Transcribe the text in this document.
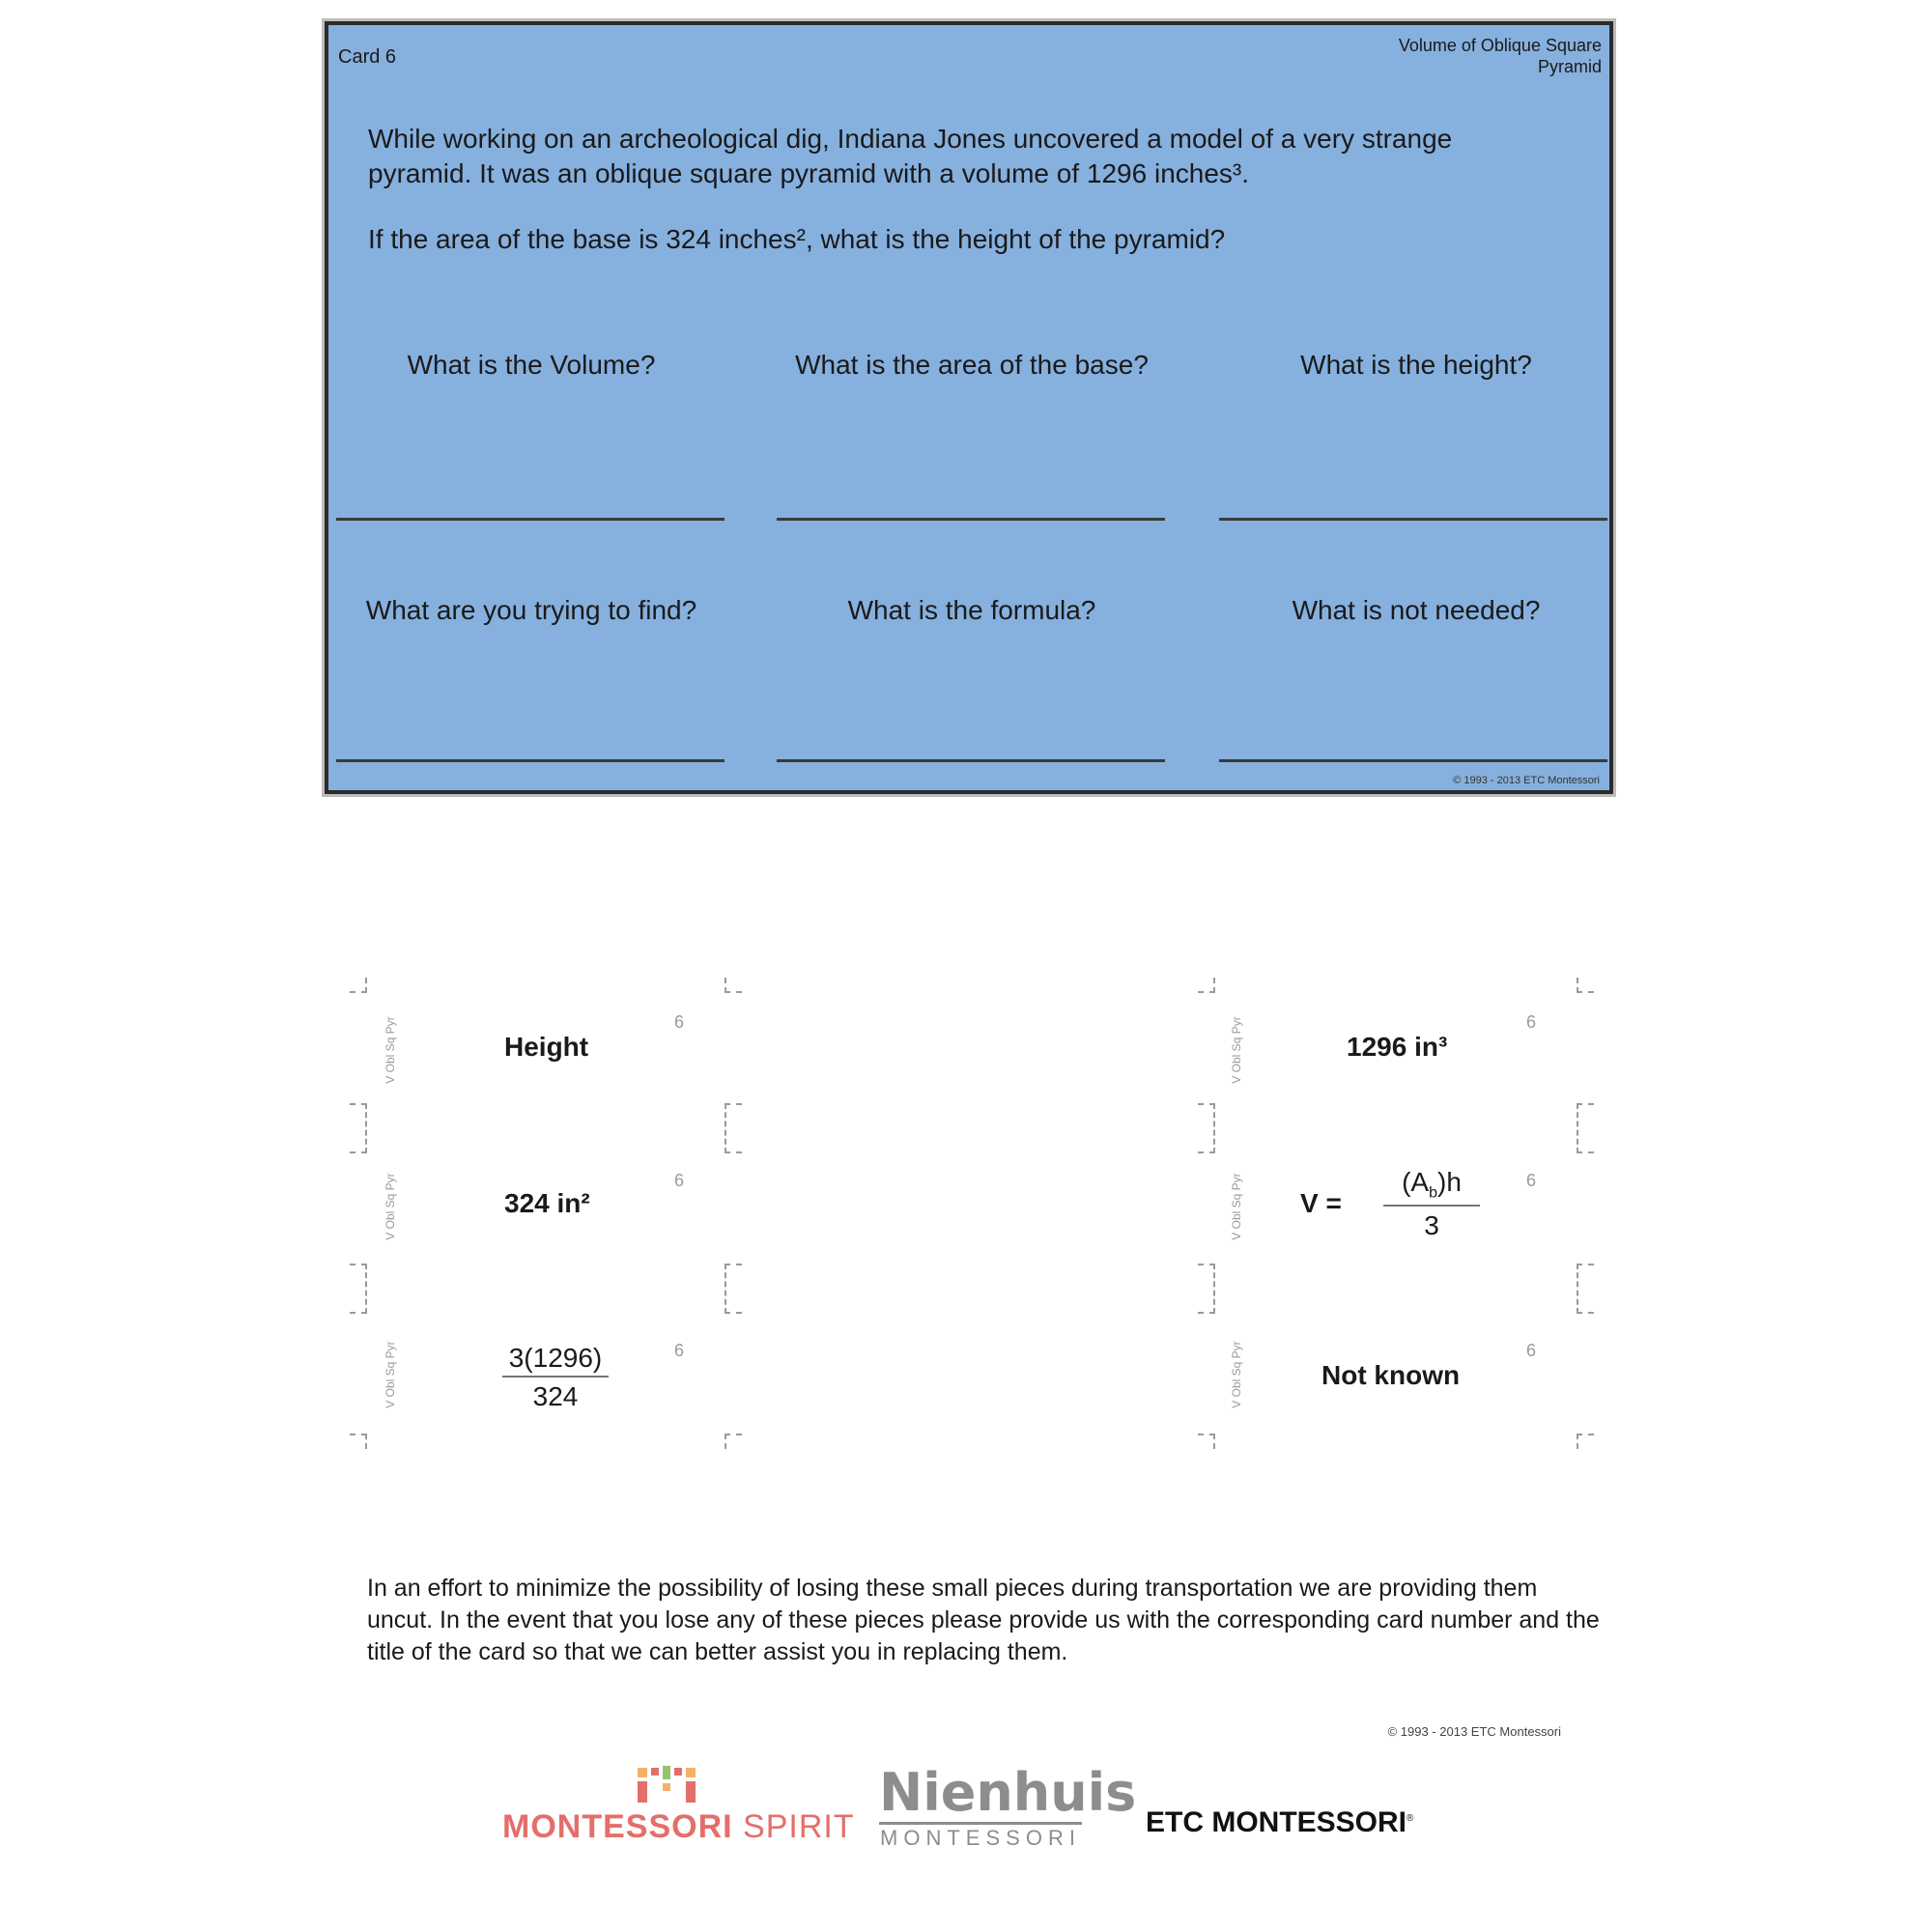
Card 6
Volume of Oblique Square Pyramid
While working on an archeological dig, Indiana Jones uncovered a model of a very strange pyramid. It was an oblique square pyramid with a volume of 1296 inches³.
If the area of the base is 324 inches², what is the height of the pyramid?
What is the Volume?	What is the area of the base?	What is the height?
What are you trying to find?	What is the formula?	What is not needed?
© 1993 - 2013 ETC Montessori
V Obl Sq Pyr	Height
6
V Obl Sq Pyr	324 in²
6
V Obl Sq Pyr	$\frac{3(1296)}{324}$	6
V Obl Sq Pyr	1296 in³
6
V Obl Sq Pyr $V = \frac{(A_b)h}{3}$	6
V Obl Sq Pyr	Not known
6
In an effort to minimize the possibility of losing these small pieces during transportation we are providing them uncut. In the event that you lose any of these pieces please provide us with the corresponding card number and the title of the card so that we can better assist you in replacing them.
© 1993 - 2013 ETC Montessori
MONTESSORI SPIRIT
Nienhuis
MONTESSORI ETC MONTESSORI®
